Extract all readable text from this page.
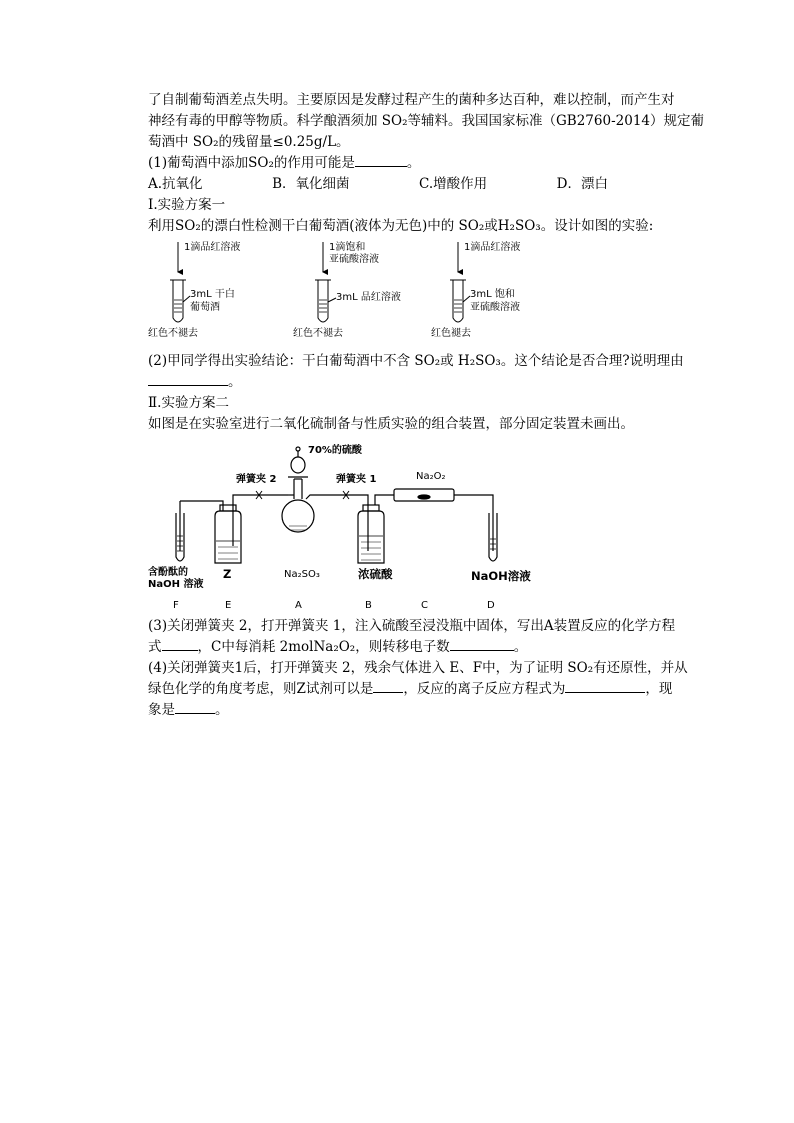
了自制葡萄酒差点失明。主要原因是发酵过程产生的菌种多达百种，难以控制，而产生对

神经有毒的甲醇等物质。科学酿酒须加 SO₂等辅料。我国国家标准（GB2760-2014）规定葡

萄酒中 SO₂的残留量≤0.25g/L。

(1)葡萄酒中添加SO₂的作用可能是	。

A.抗氧化	B．氧化细菌	C.增酸作用	D．漂白

I.实验方案一

利用SO₂的漂白性检测干白葡萄酒(液体为无色)中的 SO₂或H₂SO₃。设计如图的实验:

1滴品红溶液
3mL 干白
葡萄酒
红色不褪去
1滴饱和
亚硫酸溶液
3mL 品红溶液
红色不褪去
1滴品红溶液
3mL 饱和
亚硫酸溶液
红色褪去

(2)甲同学得出实验结论：干白葡萄酒中不含 SO₂或 H₂SO₃。这个结论是否合理?说明理由

。

Ⅱ.实验方案二

如图是在实验室进行二氧化硫制备与性质实验的组合装置，部分固定装置未画出。

70%的硫酸
弹簧夹 2	弹簧夹 1	Na₂O₂
含酚酞的
NaOH 溶液
Z	Na₂SO₃	浓硫酸	NaOH溶液
F	E	A	B	C	D

(3)关闭弹簧夹 2，打开弹簧夹 1，注入硫酸至浸没瓶中固体，写出A装置反应的化学方程

式	，C中每消耗 2molNa₂O₂，则转移电子数	。

(4)关闭弹簧夹1后，打开弹簧夹 2，残余气体进入 E、F中，为了证明 SO₂有还原性，并从

绿色化学的角度考虑，则Z试剂可以是 ，反应的离子反应方程式为	，现

象是	。
